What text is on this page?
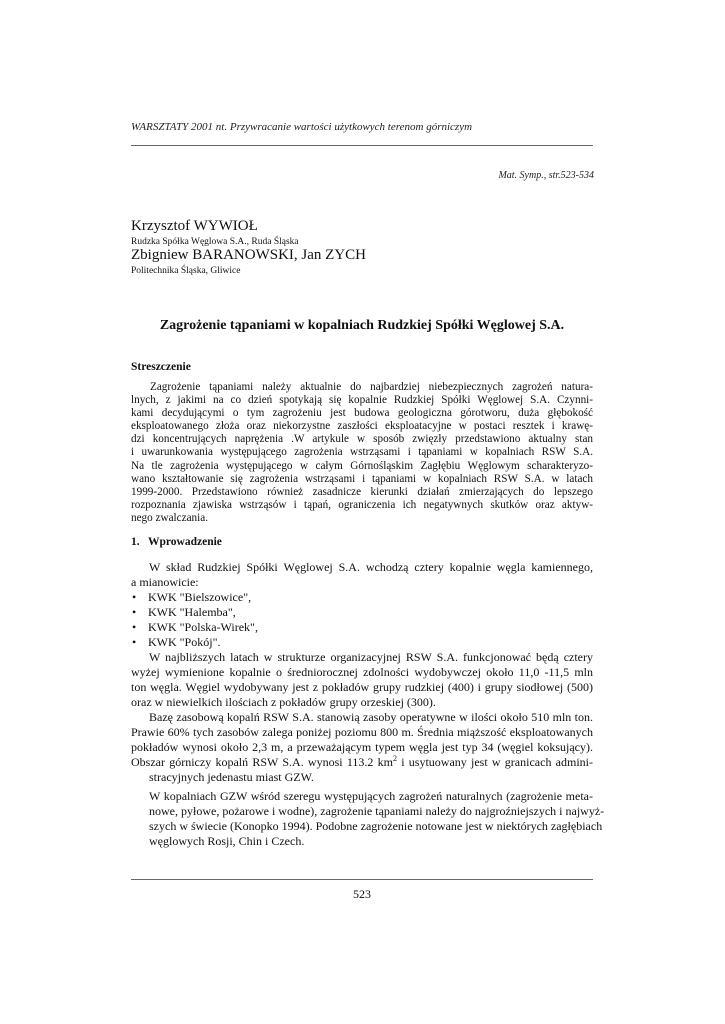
WARSZTATY 2001 nt. Przywracanie wartości użytkowych terenom górniczym
Mat. Symp., str.523-534
Krzysztof WYWIOŁ
Rudzka Spółka Węglowa S.A., Ruda Śląska
Zbigniew BARANOWSKI, Jan ZYCH
Politechnika Śląska, Gliwice
Zagrożenie tąpaniami w kopalniach Rudzkiej Spółki Węglowej S.A.
Streszczenie
Zagrożenie tąpaniami należy aktualnie do najbardziej niebezpiecznych zagrożeń natura-
lnych, z jakimi na co dzień spotykają się kopalnie Rudzkiej Spółki Węglowej S.A. Czynni-
kami decydującymi o tym zagrożeniu jest budowa geologiczna górotworu, duża głębokość
eksploatowanego złoża oraz niekorzystne zaszłości eksploatacyjne w postaci resztek i krawę-
dzi koncentrujących naprężenia .W artykule w sposób zwięzły przedstawiono aktualny stan
i uwarunkowania występującego zagrożenia wstrząsami i tąpaniami w kopalniach RSW S.A.
Na tle zagrożenia występującego w całym Górnośląskim Zagłębiu Węglowym scharakteryzo-
wano kształtowanie się zagrożenia wstrząsami i tąpaniami w kopalniach RSW S.A. w latach
1999-2000. Przedstawiono również zasadnicze kierunki działań zmierzających do lepszego
rozpoznania zjawiska wstrząsów i tąpań, ograniczenia ich negatywnych skutków oraz aktyw-
nego zwalczania.
1. Wprowadzenie
W skład Rudzkiej Spółki Węglowej S.A. wchodzą cztery kopalnie węgla kamiennego,
a mianowicie:
• KWK "Bielszowice",
• KWK "Halemba",
• KWK "Polska-Wirek",
• KWK "Pokój".
W najbliższych latach w strukturze organizacyjnej RSW S.A. funkcjonować będą cztery
wyżej wymienione kopalnie o średniorocznej zdolności wydobywczej około 11,0 -11,5 mln
ton węgla. Węgiel wydobywany jest z pokładów grupy rudzkiej (400) i grupy siodłowej (500)
oraz w niewielkich ilościach z pokładów grupy orzeskiej (300).
Bazę zasobową kopalń RSW S.A. stanowią zasoby operatywne w ilości około 510 mln ton.
Prawie 60% tych zasobów zalega poniżej poziomu 800 m. Średnia miąższość eksploatowanych
pokładów wynosi około 2,3 m, a przeważającym typem węgla jest typ 34 (węgiel koksujący).
Obszar górniczy kopalń RSW S.A. wynosi 113.2 $km^2$ i usytuowany jest w granicach admini-
stracyjnych jedenastu miast GZW.
W kopalniach GZW wśród szeregu występujących zagrożeń naturalnych (zagrożenie meta-
nowe, pyłowe, pożarowe i wodne), zagrożenie tąpaniami należy do najgroźniejszych i najwyż-
szych w świecie (Konopko 1994). Podobne zagrożenie notowane jest w niektórych zagłębiach
węglowych Rosji, Chin i Czech.
523
